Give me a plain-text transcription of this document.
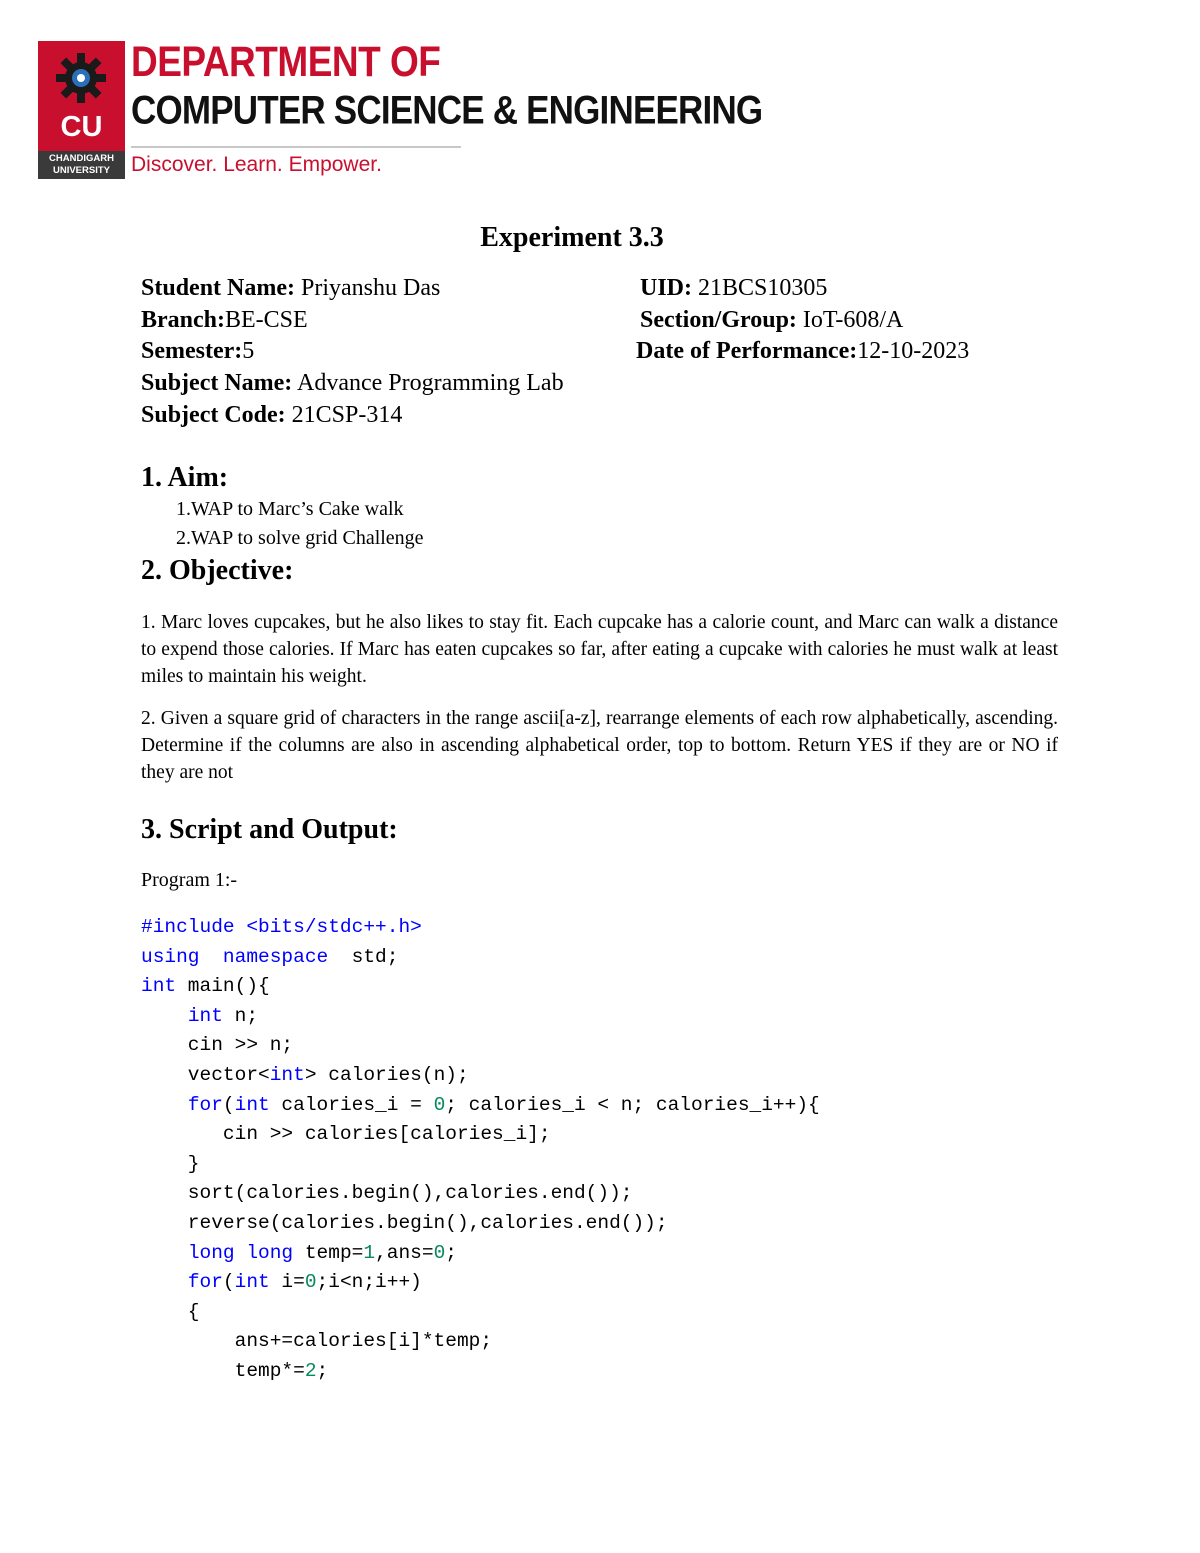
CU
CHANDIGARH UNIVERSITY
DEPARTMENT OF
COMPUTER SCIENCE & ENGINEERING
Discover. Learn. Empower.
Experiment 3.3
Student Name: Priyanshu Das	UID: 21BCS10305
Branch:BE-CSE	Section/Group: IoT-608/A
Semester:5	Date of Performance:12-10-2023
Subject Name: Advance Programming Lab
Subject Code: 21CSP-314
1. Aim:
1.WAP to Marc’s Cake walk
2.WAP to solve grid Challenge
2. Objective:
1. Marc loves cupcakes, but he also likes to stay fit. Each cupcake has a calorie count, and Marc can walk a distance to expend those calories. If Marc has eaten cupcakes so far, after eating a cupcake with calories he must walk at least miles to maintain his weight.
2. Given a square grid of characters in the range ascii[a-z], rearrange elements of each row alphabetically, ascending. Determine if the columns are also in ascending alphabetical order, top to bottom. Return YES if they are or NO if they are not
3. Script and Output:
Program 1:-
#include <bits/stdc++.h>
using namespace  std;
int main(){
int n;
cin >> n;
vector<int> calories(n);
for(int calories_i = 0; calories_i < n; calories_i++){
cin >> calories[calories_i];
}
sort(calories.begin(),calories.end());
reverse(calories.begin(),calories.end());
long long temp=1,ans=0;
for(int i=0;i<n;i++)
{
ans+=calories[i]*temp;
temp*=2;
